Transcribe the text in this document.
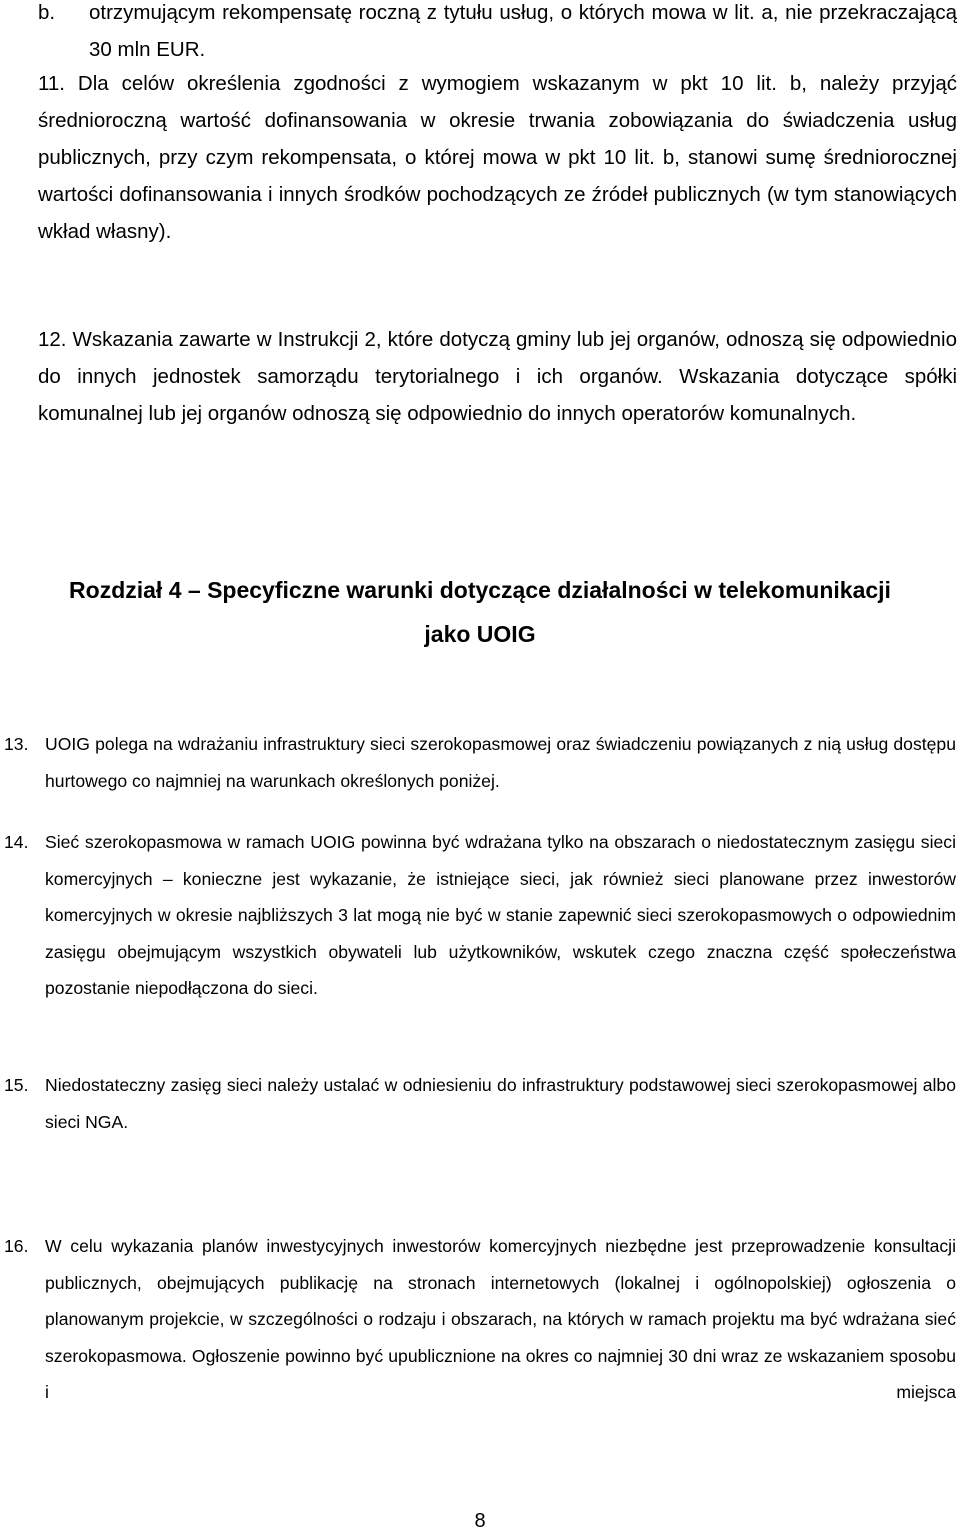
b. otrzymującym rekompensatę roczną z tytułu usług, o których mowa w lit. a, nie przekraczającą 30 mln EUR.
11. Dla celów określenia zgodności z wymogiem wskazanym w pkt 10 lit. b, należy przyjąć średnioroczną wartość dofinansowania w okresie trwania zobowiązania do świadczenia usług publicznych, przy czym rekompensata, o której mowa w pkt 10 lit. b, stanowi sumę średniorocznej wartości dofinansowania i innych środków pochodzących ze źródeł publicznych (w tym stanowiących wkład własny).
12. Wskazania zawarte w Instrukcji 2, które dotyczą gminy lub jej organów, odnoszą się odpowiednio do innych jednostek samorządu terytorialnego i ich organów. Wskazania dotyczące spółki komunalnej lub jej organów odnoszą się odpowiednio do innych operatorów komunalnych.
Rozdział 4 – Specyficzne warunki dotyczące działalności w telekomunikacji
jako UOIG
13. UOIG polega na wdrażaniu infrastruktury sieci szerokopasmowej oraz świadczeniu powiązanych z nią usług dostępu hurtowego co najmniej na warunkach określonych poniżej.
14. Sieć szerokopasmowa w ramach UOIG powinna być wdrażana tylko na obszarach o niedostatecznym zasięgu sieci komercyjnych – konieczne jest wykazanie, że istniejące sieci, jak również sieci planowane przez inwestorów komercyjnych w okresie najbliższych 3 lat mogą nie być w stanie zapewnić sieci szerokopasmowych o odpowiednim zasięgu obejmującym wszystkich obywateli lub użytkowników, wskutek czego znaczna część społeczeństwa pozostanie niepodłączona do sieci.
15. Niedostateczny zasięg sieci należy ustalać w odniesieniu do infrastruktury podstawowej sieci szerokopasmowej albo sieci NGA.
16. W celu wykazania planów inwestycyjnych inwestorów komercyjnych niezbędne jest przeprowadzenie konsultacji publicznych, obejmujących publikację na stronach internetowych (lokalnej i ogólnopolskiej) ogłoszenia o planowanym projekcie, w szczególności o rodzaju i obszarach, na których w ramach projektu ma być wdrażana sieć szerokopasmowa. Ogłoszenie powinno być upublicznione na okres co najmniej 30 dni wraz ze wskazaniem sposobu i miejsca
8
